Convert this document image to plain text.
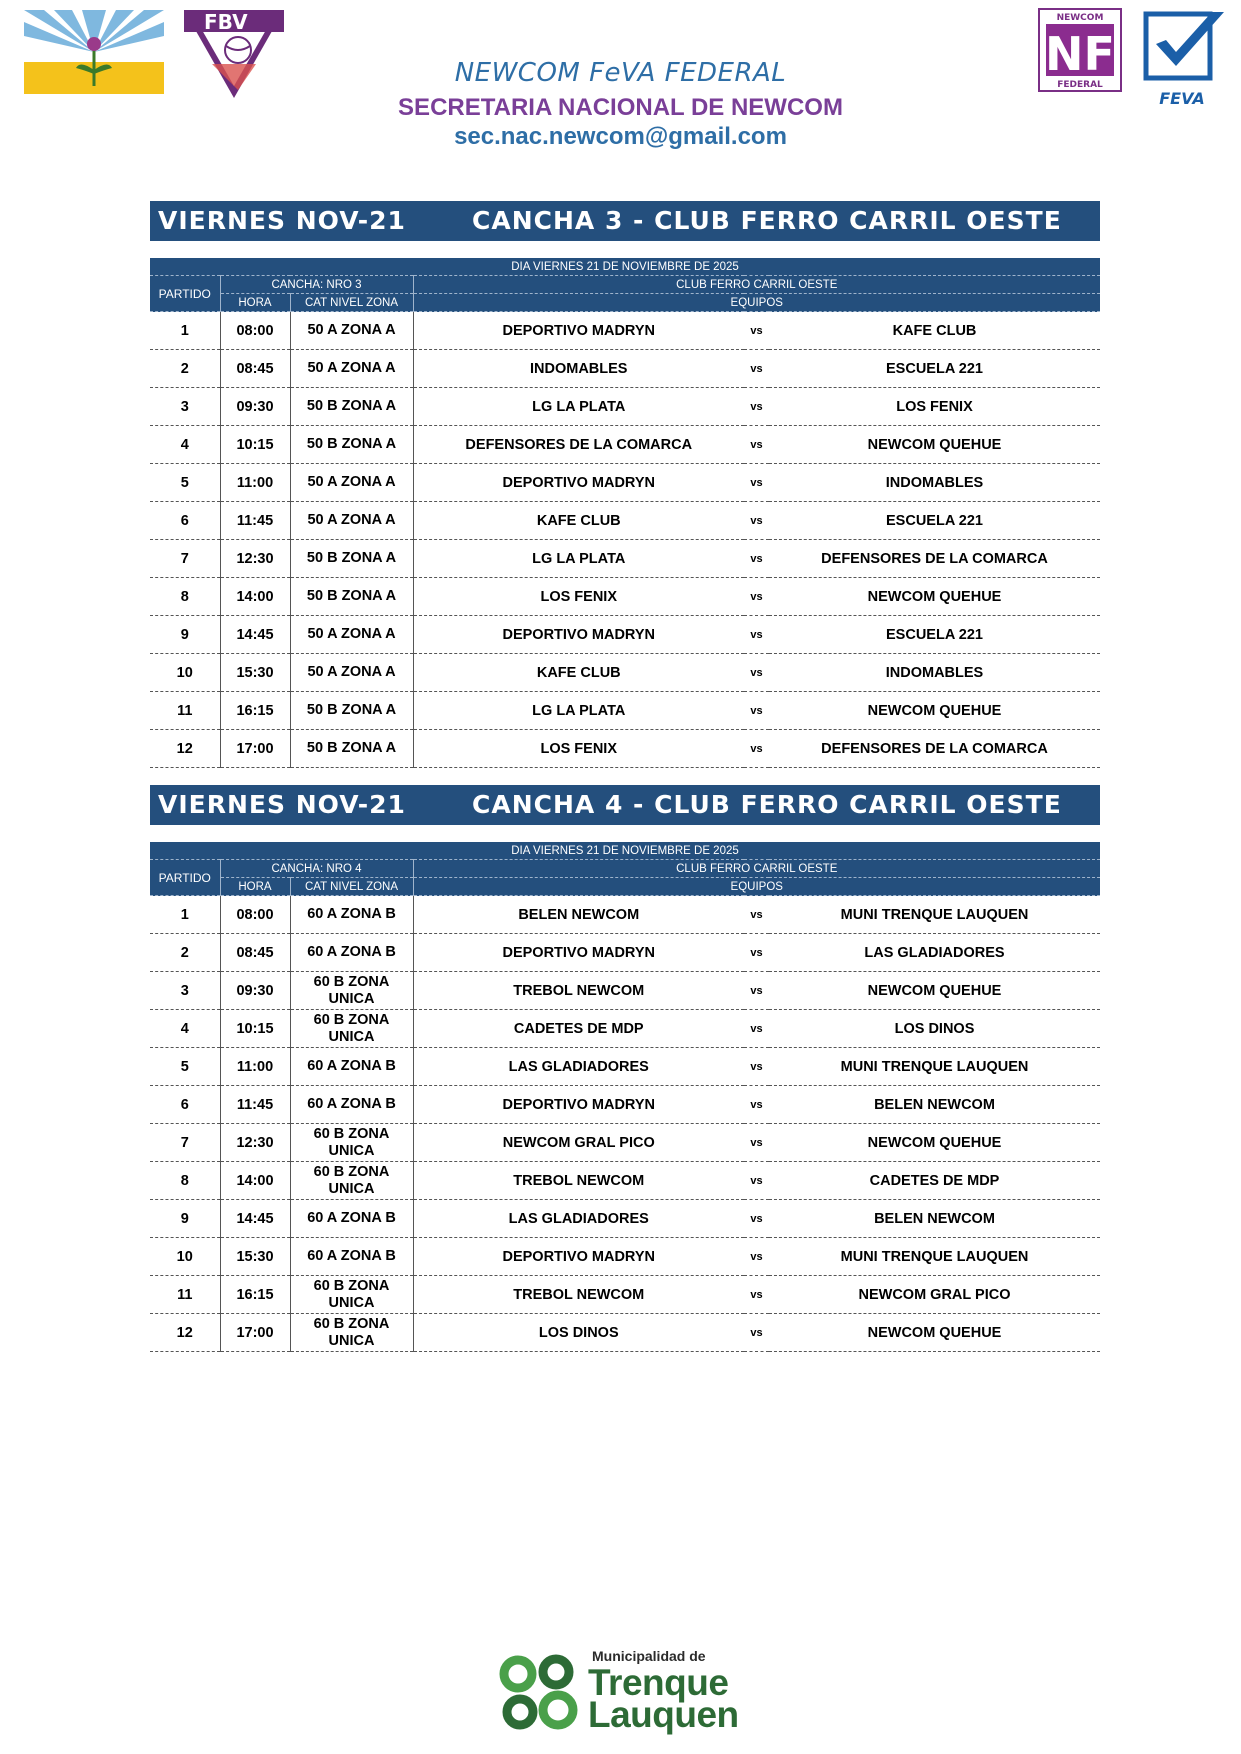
FBV	NEWCOM
NF
FEDERAL
FEVA
NEWCOM FeVA FEDERAL
SECRETARIA NACIONAL DE NEWCOM
sec.nac.newcom@gmail.com
VIERNES NOV-21	CANCHA 3 - CLUB FERRO CARRIL OESTE
DIA VIERNES 21 DE NOVIEMBRE DE 2025					
PARTIDO	CANCHA: NRO 3		CLUB FERRO CARRIL OESTE		
	HORA	CAT NIVEL ZONA	EQUIPOS		
1	08:00	50 A ZONA A	DEPORTIVO MADRYN	vs	KAFE CLUB
2	08:45	50 A ZONA A	INDOMABLES	vs	ESCUELA 221
3	09:30	50 B ZONA A	LG LA PLATA	vs	LOS FENIX
4	10:15	50 B ZONA A	DEFENSORES DE LA COMARCA	vs	NEWCOM QUEHUE
5	11:00	50 A ZONA A	DEPORTIVO MADRYN	vs	INDOMABLES
6	11:45	50 A ZONA A	KAFE CLUB	vs	ESCUELA 221
7	12:30	50 B ZONA A	LG LA PLATA	vs	DEFENSORES DE LA COMARCA
8	14:00	50 B ZONA A	LOS FENIX	vs	NEWCOM QUEHUE
9	14:45	50 A ZONA A	DEPORTIVO MADRYN	vs	ESCUELA 221
10	15:30	50 A ZONA A	KAFE CLUB	vs	INDOMABLES
11	16:15	50 B ZONA A	LG LA PLATA	vs	NEWCOM QUEHUE
12	17:00	50 B ZONA A	LOS FENIX	vs	DEFENSORES DE LA COMARCA
VIERNES NOV-21	CANCHA 4 - CLUB FERRO CARRIL OESTE
DIA VIERNES 21 DE NOVIEMBRE DE 2025					
PARTIDO	CANCHA: NRO 4		CLUB FERRO CARRIL OESTE		
	HORA	CAT NIVEL ZONA	EQUIPOS		
1	08:00	60 A ZONA B	BELEN NEWCOM	vs	MUNI TRENQUE LAUQUEN
2	08:45	60 A ZONA B	DEPORTIVO MADRYN	vs	LAS GLADIADORES
3	09:30	60 B ZONA UNICA	TREBOL NEWCOM	vs	NEWCOM QUEHUE
4	10:15	60 B ZONA UNICA	CADETES DE MDP	vs	LOS DINOS
5	11:00	60 A ZONA B	LAS GLADIADORES	vs	MUNI TRENQUE LAUQUEN
6	11:45	60 A ZONA B	DEPORTIVO MADRYN	vs	BELEN NEWCOM
7	12:30	60 B ZONA UNICA	NEWCOM GRAL PICO	vs	NEWCOM QUEHUE
8	14:00	60 B ZONA UNICA	TREBOL NEWCOM	vs	CADETES DE MDP
9	14:45	60 A ZONA B	LAS GLADIADORES	vs	BELEN NEWCOM
10	15:30	60 A ZONA B	DEPORTIVO MADRYN	vs	MUNI TRENQUE LAUQUEN
11	16:15	60 B ZONA UNICA	TREBOL NEWCOM	vs	NEWCOM GRAL PICO
12	17:00	60 B ZONA UNICA	LOS DINOS	vs	NEWCOM QUEHUE
Municipalidad de
Trenque
Lauquen
